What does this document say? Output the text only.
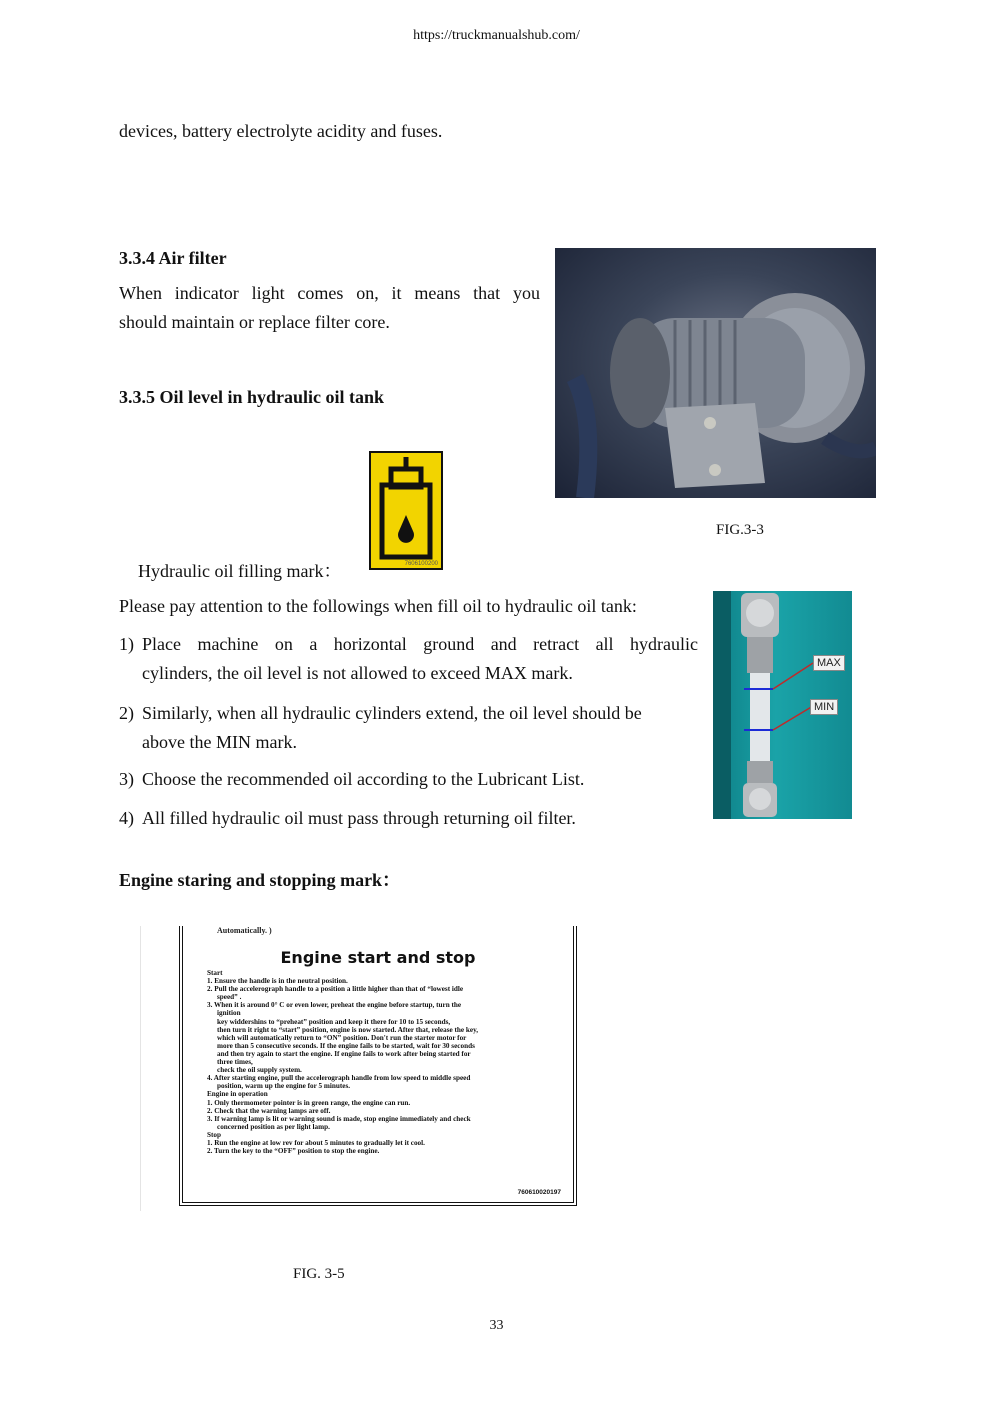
https://truckmanualshub.com/
devices, battery electrolyte acidity and fuses.
3.3.4 Air filter
When indicator light comes on, it means that you
should maintain or replace filter core.
FIG.3-3
3.3.5 Oil level in hydraulic oil tank
7606100200
Hydraulic oil filling mark：
Please pay attention to the followings when fill oil to hydraulic oil tank:
1) Place machine on a horizontal ground and retract all hydraulic
cylinders, the oil level is not allowed to exceed MAX mark.
2) Similarly, when all hydraulic cylinders extend, the oil level should be
above the MIN mark.
3) Choose the recommended oil according to the Lubricant List.
4) All filled hydraulic oil must pass through returning oil filter.
MAX
MIN
Engine staring and stopping mark：
Automatically. )
Engine start and stop
Start
1. Ensure the handle is in the neutral position.
2. Pull the accelerograph handle to a position a little higher than that of “lowest idle
speed” .
3. When it is around 0° C or even lower, preheat the engine before startup, turn the
ignition
key widdershins to “preheat” position and keep it there for 10 to 15 seconds,
then turn it right to “start” position, engine is now started. After that, release the key,
which will automatically return to “ON” position. Don't run the starter motor for
more than 5 consecutive seconds. If the engine fails to be started, wait for 30 seconds
and then try again to start the engine. If engine fails to work after being started for
three times,
check the oil supply system.
4. After starting engine, pull the accelerograph handle from low speed to middle speed
position, warm up the engine for 5 minutes.
Engine in operation
1. Only thermometer pointer is in green range, the engine can run.
2. Check that the warning lamps are off.
3. If warning lamp is lit or warning sound is made, stop engine immediately and check
concerned position as per light lamp.
Stop
1. Run the engine at low rev for about 5 minutes to gradually let it cool.
2. Turn the key to the “OFF” position to stop the engine.
760610020197
FIG. 3-5
33
